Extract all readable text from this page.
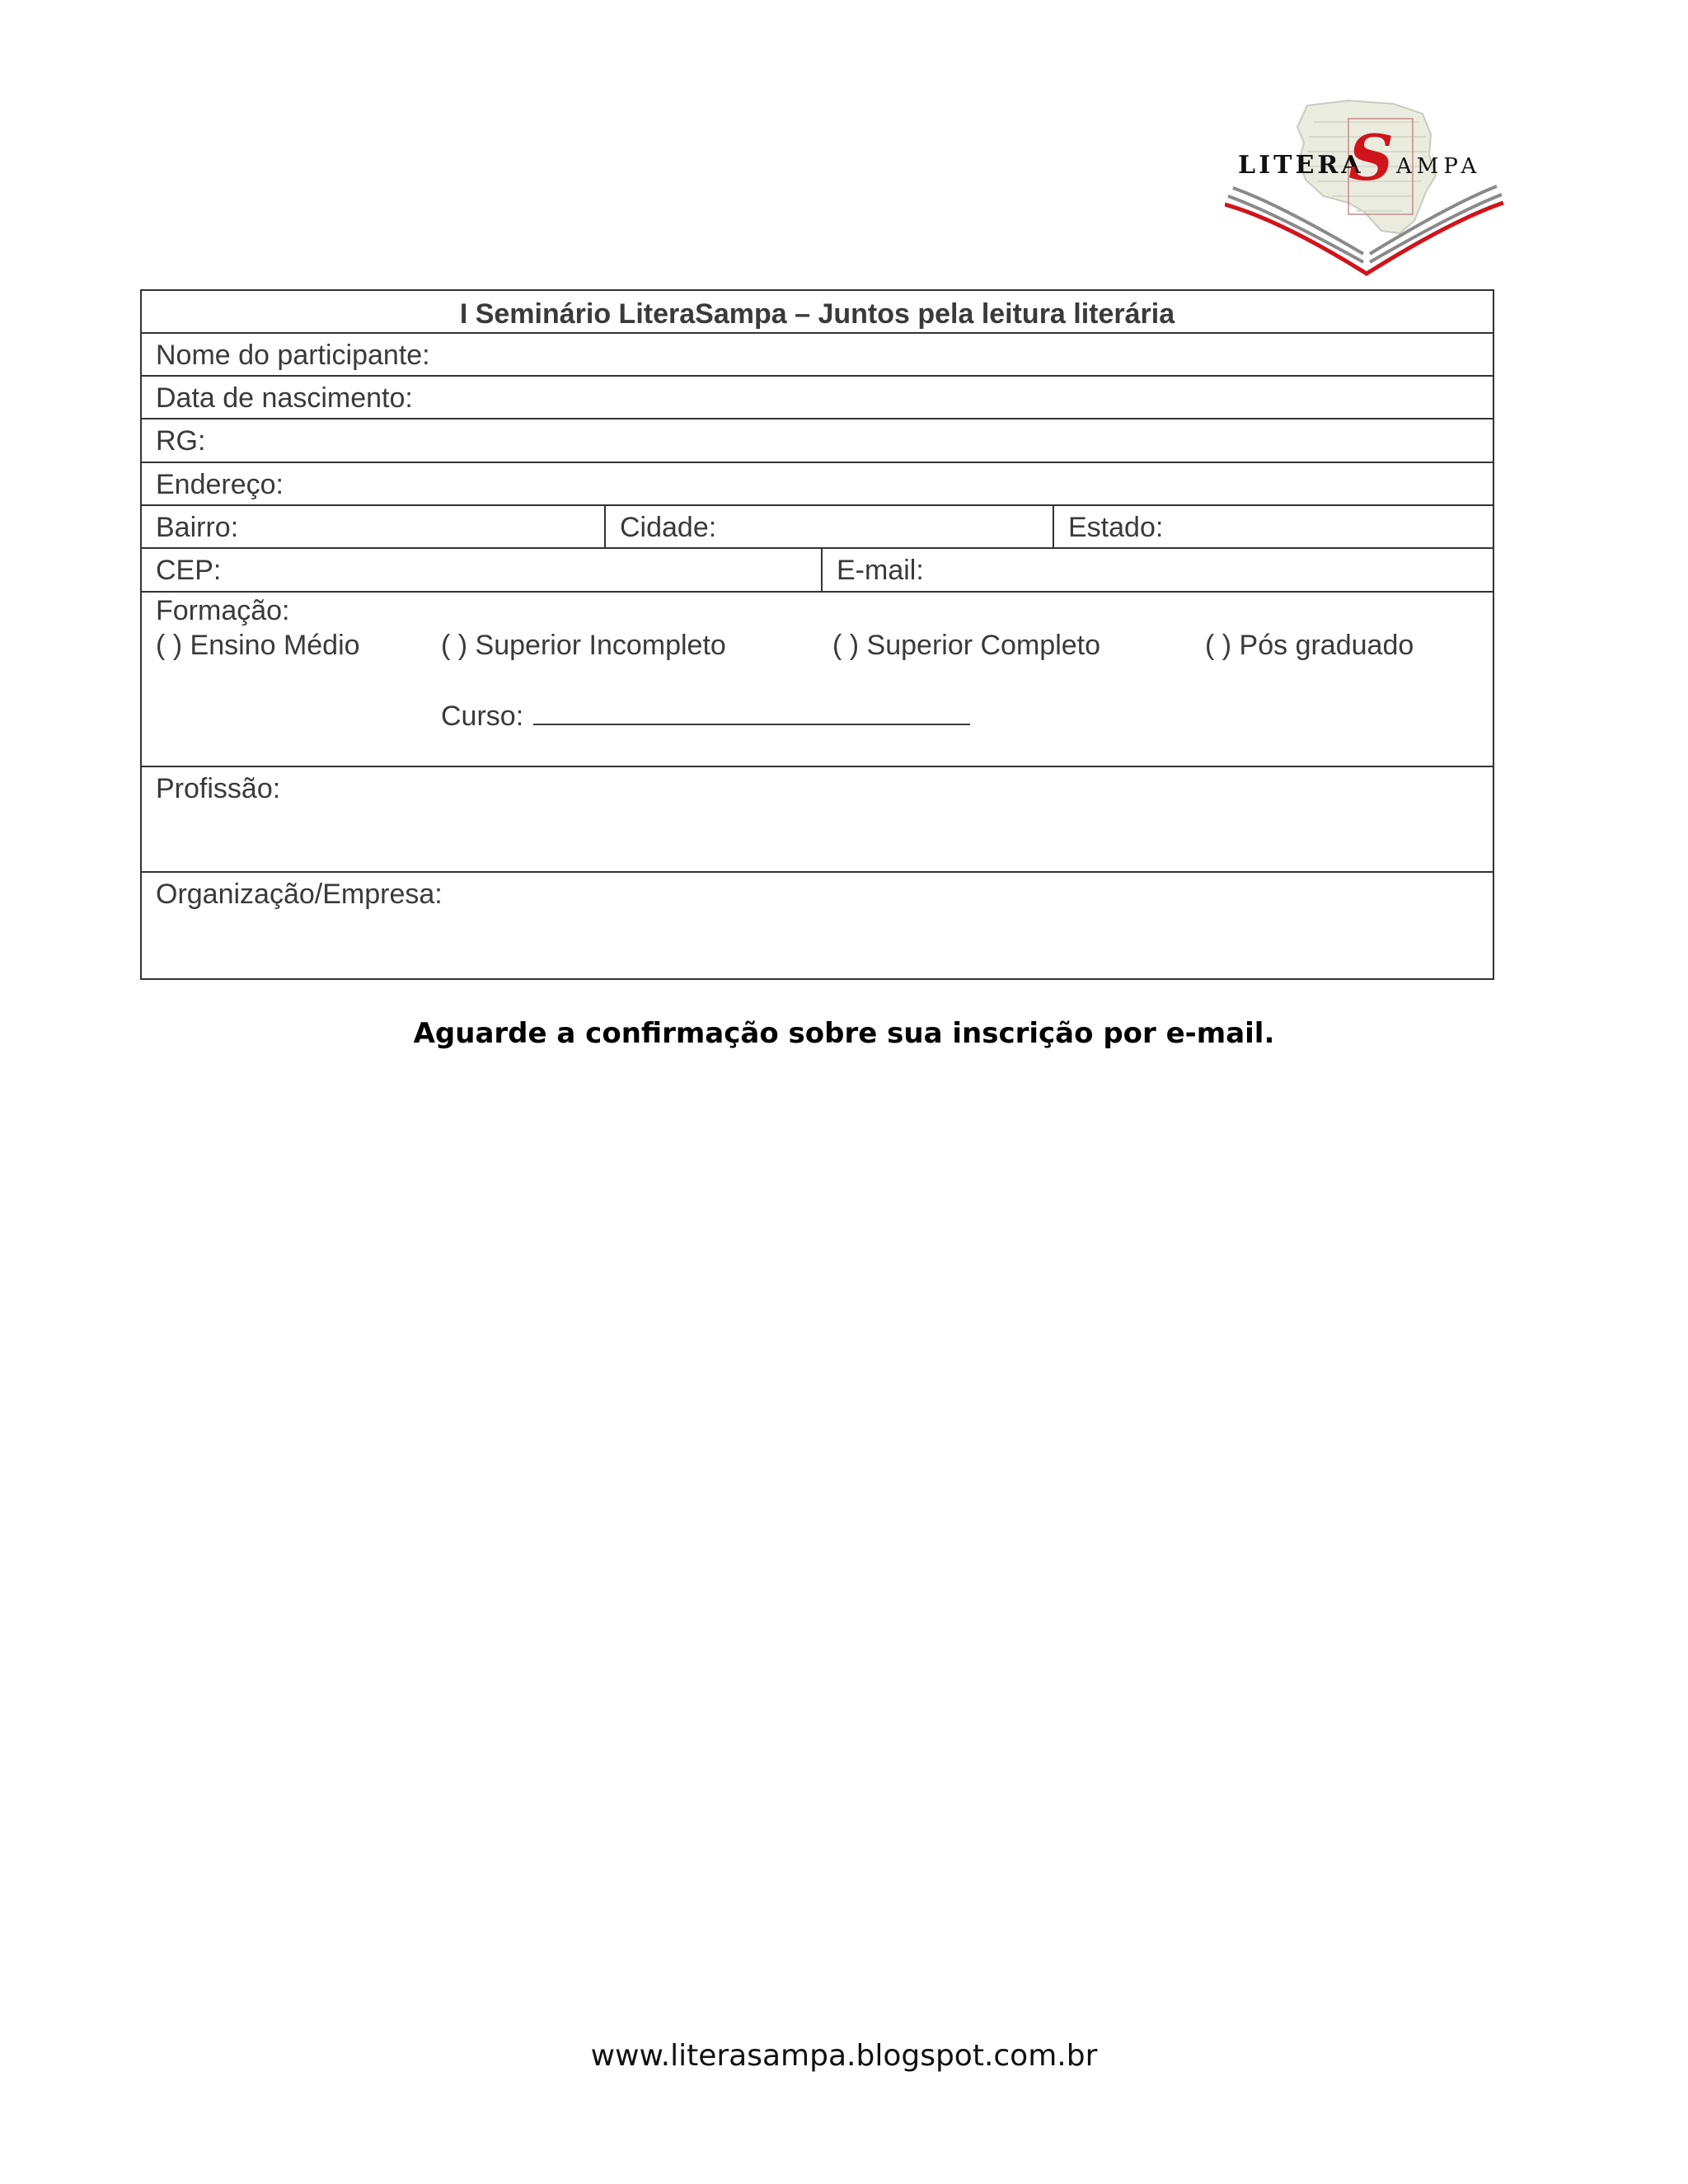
LITERA
S AMPA
I Seminário LiteraSampa – Juntos pela leitura literária
Nome do participante:
Data de nascimento:
RG:
Endereço:
Bairro:	Cidade:	Estado:
CEP:	E-mail:
Formação:
( ) Ensino Médio	( ) Superior Incompleto	( ) Superior Completo	( ) Pós graduado
Curso:
Profissão:
Organização/Empresa:
Aguarde a confirmação sobre sua inscrição por e-mail.
www.literasampa.blogspot.com.br
